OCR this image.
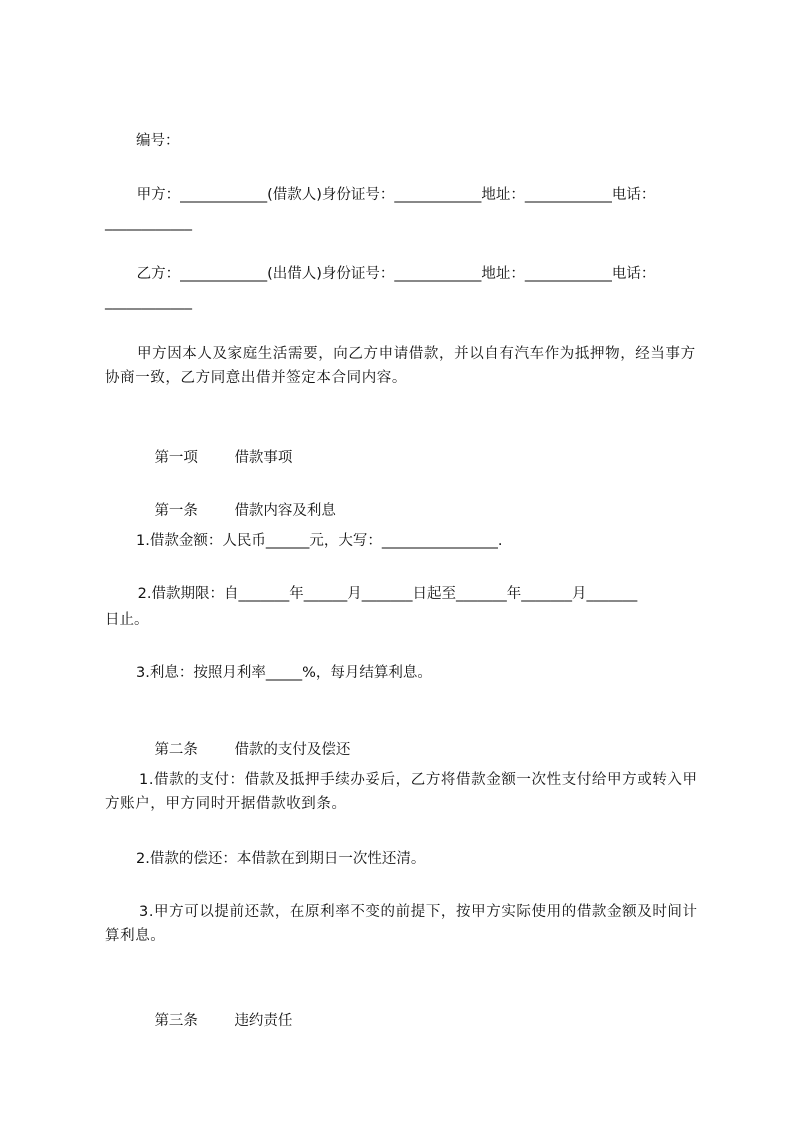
编号：
甲方：____________(借款人)身份证号：____________地址：____________电话：
____________
乙方：____________(出借人)身份证号：____________地址：____________电话：
____________
甲方因本人及家庭生活需要，向乙方申请借款，并以自有汽车作为抵押物，经当事方协商一致，乙方同意出借并签定本合同内容。

第一项	借款事项

第一条	借款内容及利息

1.借款金额：人民币______元，大写：________________.
2.借款期限：自_______年______月_______日起至_______年_______月_______
日止。
3.利息：按照月利率_____%，每月结算利息。

第二条	借款的支付及偿还

1.借款的支付：借款及抵押手续办妥后，乙方将借款金额一次性支付给甲方或转入甲方账户，甲方同时开据借款收到条。
2.借款的偿还：本借款在到期日一次性还清。
3.甲方可以提前还款，在原利率不变的前提下，按甲方实际使用的借款金额及时间计算利息。

第三条	违约责任
